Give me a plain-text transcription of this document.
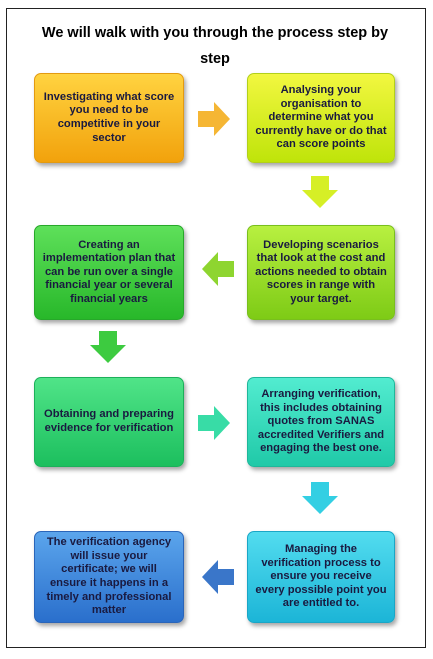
We will walk with you through the process step by step
Investigating what score you need to be competitive in your sector
Analysing your organisation to determine what you currently have or do that can score points
Developing scenarios that look at the cost and actions needed to obtain scores in range with your target.
Creating an implementation plan that can be run over a single financial year or several financial years
Obtaining and preparing evidence for verification
Arranging verification, this includes obtaining quotes from SANAS accredited Verifiers and engaging the best one.
Managing the verification process to ensure you receive every possible point you are entitled to.
The verification agency will issue your certificate; we will ensure it happens in a timely and professional matter
